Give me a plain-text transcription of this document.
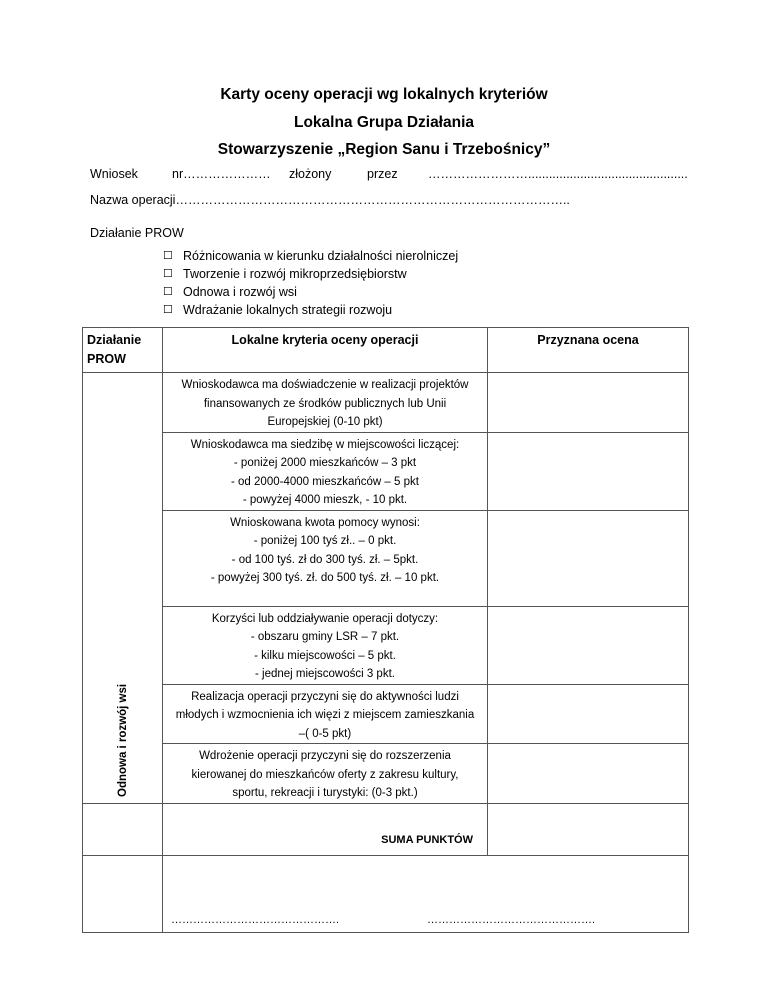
Karty oceny operacji wg lokalnych kryteriów
Lokalna Grupa Działania
Stowarzyszenie „Region Sanu i Trzebośnicy”
Wniosek	nr………………… złożony	przez ……………………..............................................
Nazwa operacji…………………………………………………………………………………..
Działanie PROW
☐ Różnicowania w kierunku działalności nierolniczej
☐ Tworzenie i rozwój mikroprzedsiębiorstw
☐ Odnowa i rozwój wsi
☐ Wdrażanie lokalnych strategii rozwoju
Działanie PROW	Lokalne kryteria oceny operacji	Przyznana ocena

Odnowa i rozwój wsi	Wnioskodawca ma doświadczenie w realizacji projektów
finansowanych ze środków publicznych lub Unii
Europejskiej (0-10 pkt)	

	Wnioskodawca ma siedzibę w miejscowości liczącej:
- poniżej 2000 mieszkańców – 3 pkt
- od 2000-4000 mieszkańców – 5 pkt
- powyżej 4000 mieszk, - 10 pkt.	

	Wnioskowana kwota pomocy wynosi:
- poniżej 100 tyś zł.. – 0 pkt.
- od 100 tyś. zł do 300 tyś. zł. – 5pkt.
- powyżej 300 tyś. zł. do 500 tyś. zł. – 10 pkt.	

	Korzyści lub oddziaływanie operacji dotyczy:
- obszaru gminy LSR – 7 pkt.
- kilku miejscowości – 5 pkt.
- jednej miejscowości 3 pkt.	

	Realizacja operacji przyczyni się do aktywności ludzi
młodych i wzmocnienia ich więzi z miejscem zamieszkania
–( 0-5 pkt)	

	Wdrożenie operacji przyczyni się do rozszerzenia
kierowanej do mieszkańców oferty z zakresu kultury,
sportu, rekreacji i turystyki: (0-3 pkt.)	

	SUMA PUNKTÓW	

	………………………………………. ……………………………………….	
